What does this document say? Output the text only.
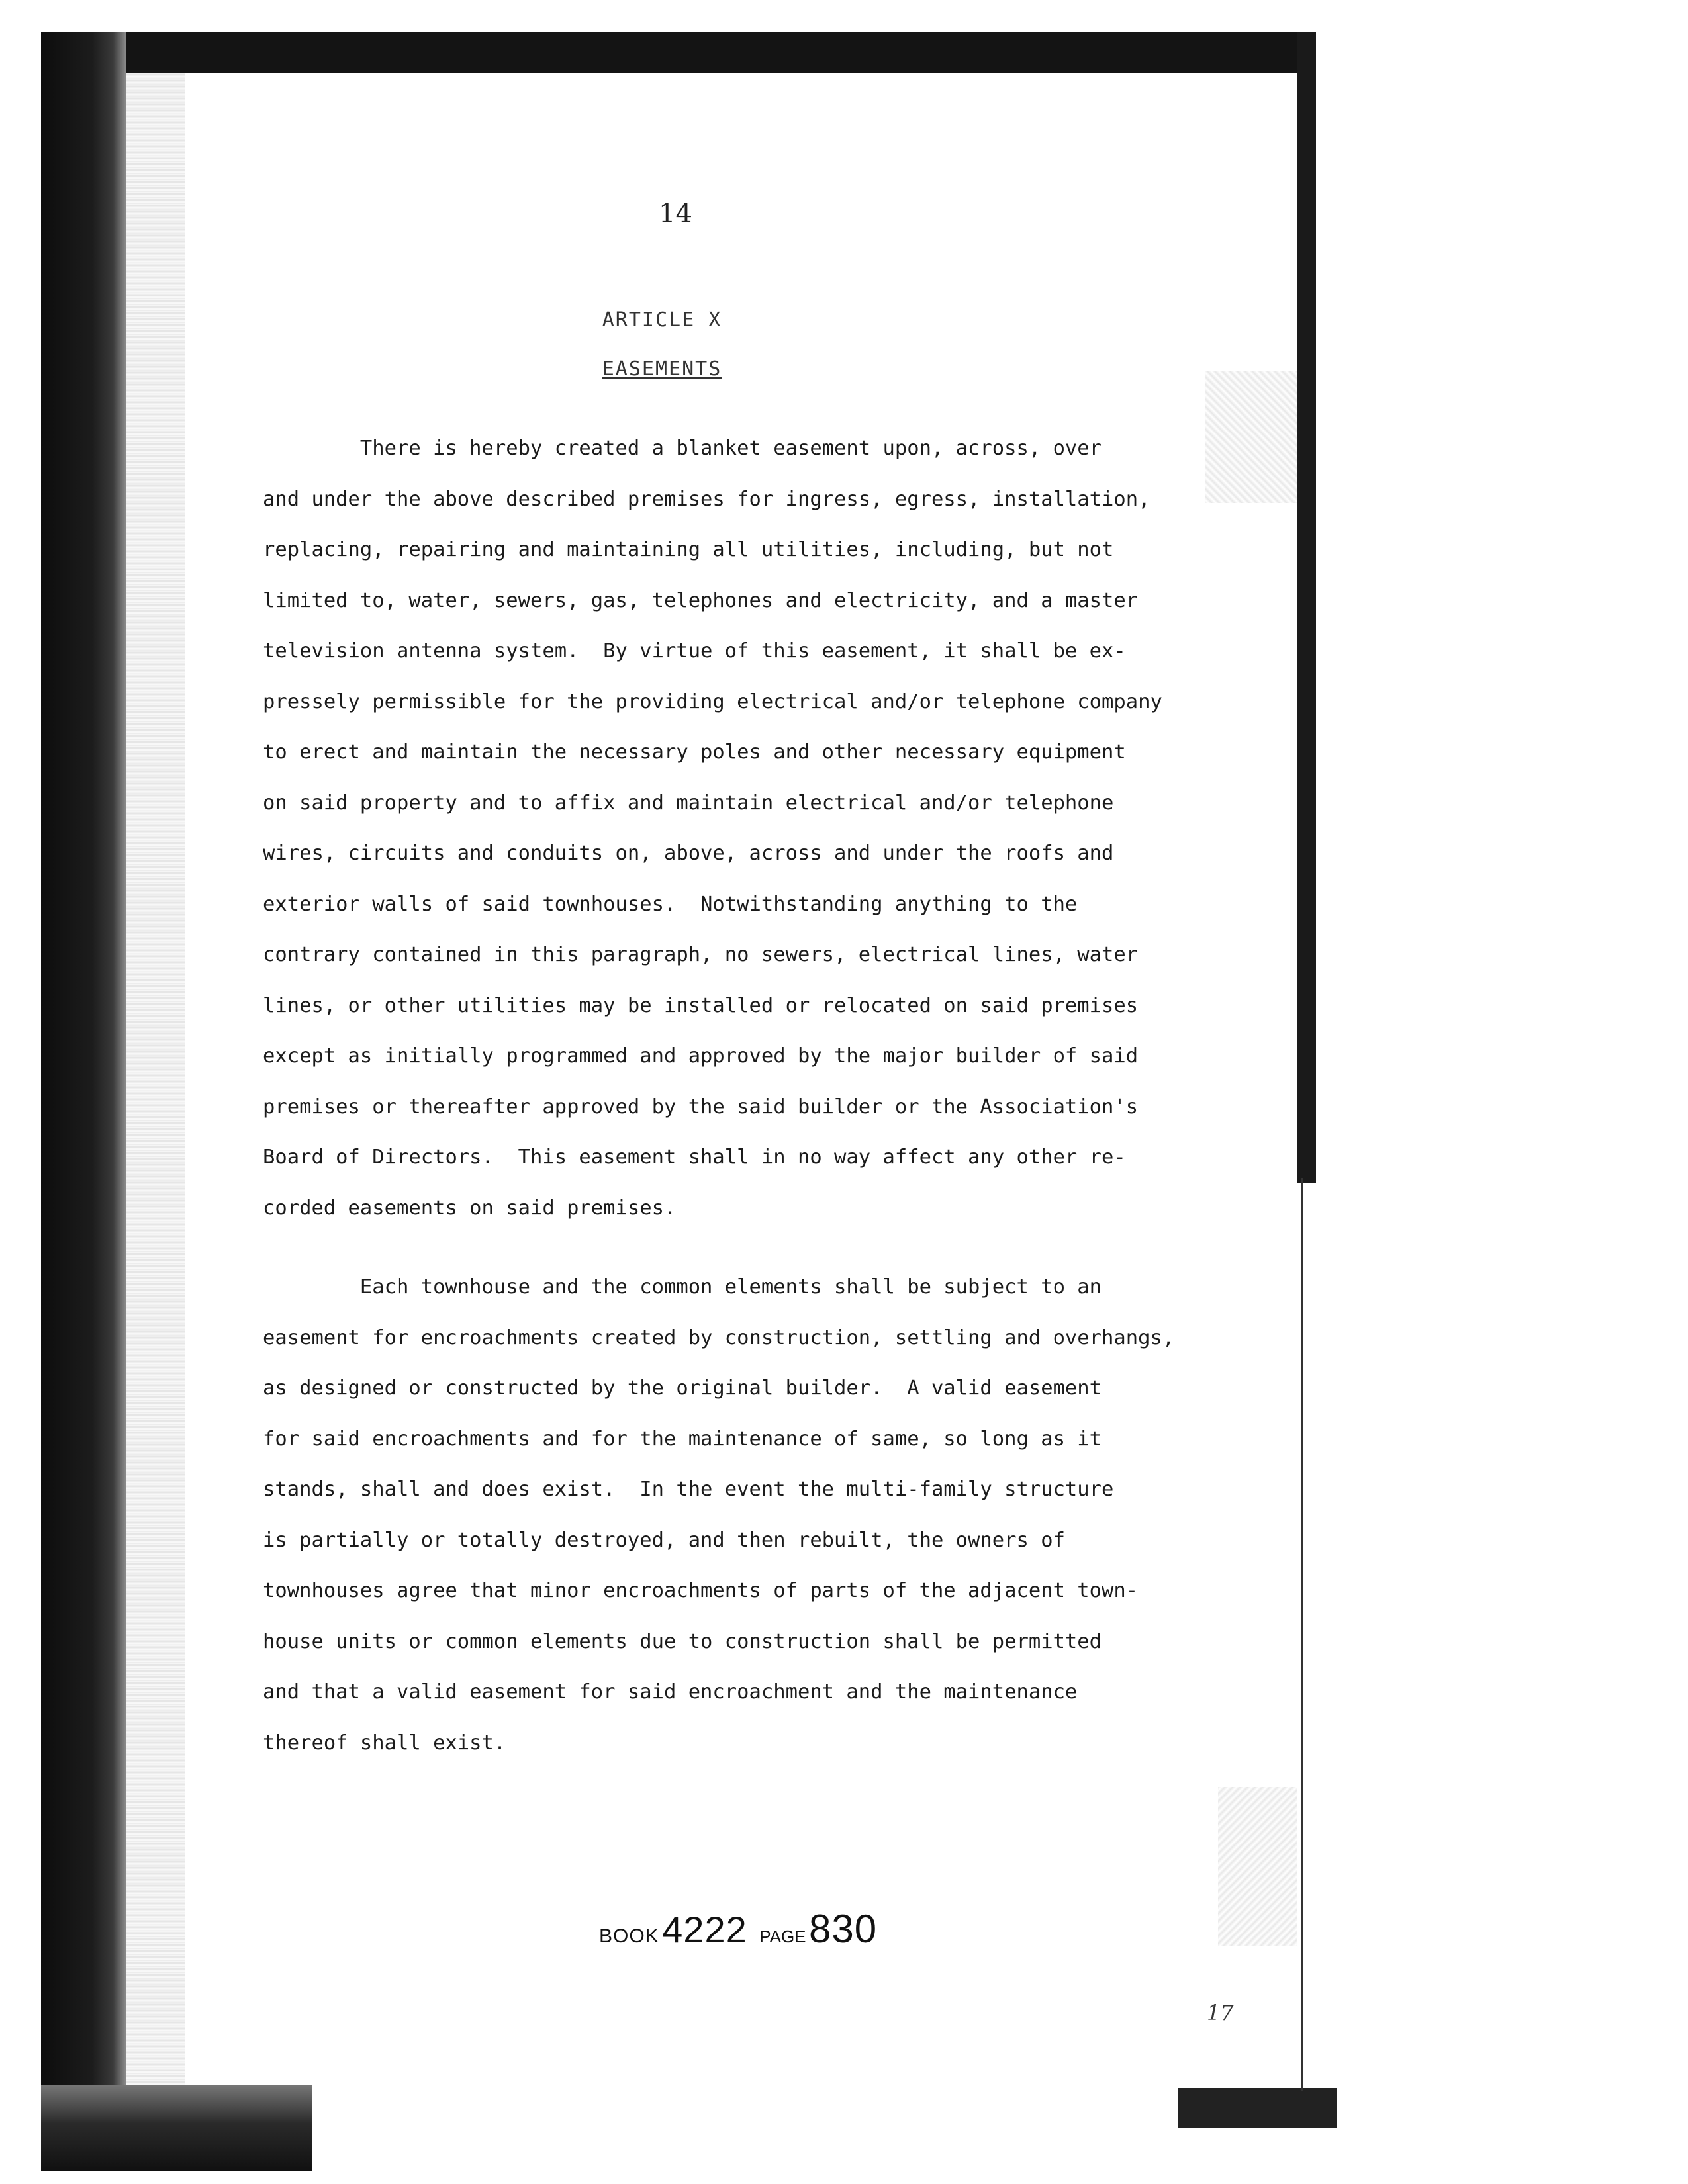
14
ARTICLE X
EASEMENTS
There is hereby created a blanket easement upon, across, over
and under the above described premises for ingress, egress, installation,
replacing, repairing and maintaining all utilities, including, but not
limited to, water, sewers, gas, telephones and electricity, and a master
television antenna system.  By virtue of this easement, it shall be ex-
pressely permissible for the providing electrical and/or telephone company
to erect and maintain the necessary poles and other necessary equipment
on said property and to affix and maintain electrical and/or telephone
wires, circuits and conduits on, above, across and under the roofs and
exterior walls of said townhouses.  Notwithstanding anything to the
contrary contained in this paragraph, no sewers, electrical lines, water
lines, or other utilities may be installed or relocated on said premises
except as initially programmed and approved by the major builder of said
premises or thereafter approved by the said builder or the Association's
Board of Directors.  This easement shall in no way affect any other re-
corded easements on said premises.
Each townhouse and the common elements shall be subject to an
easement for encroachments created by construction, settling and overhangs,
as designed or constructed by the original builder.  A valid easement
for said encroachments and for the maintenance of same, so long as it
stands, shall and does exist.  In the event the multi-family structure
is partially or totally destroyed, and then rebuilt, the owners of
townhouses agree that minor encroachments of parts of the adjacent town-
house units or common elements due to construction shall be permitted
and that a valid easement for said encroachment and the maintenance
thereof shall exist.
BOOK 4222 PAGE 830
17
